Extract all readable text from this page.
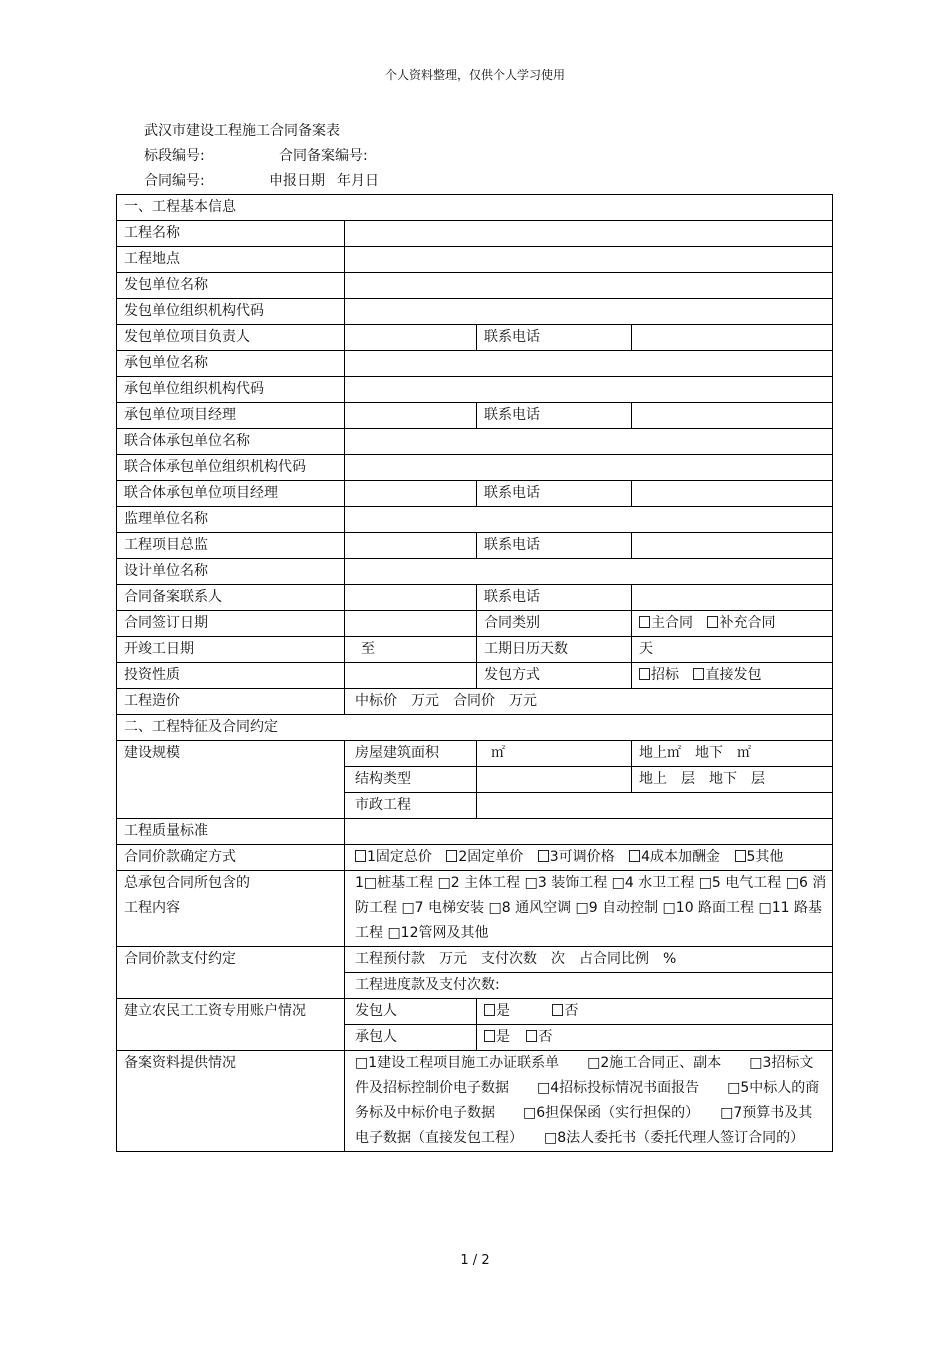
个人资料整理，仅供个人学习使用
武汉市建设工程施工合同备案表
标段编号:	合同备案编号:
合同编号:	申报日期 年月日
一、工程基本信息			
工程名称			
工程地点			
发包单位名称			
发包单位组织机构代码			
发包单位项目负责人		联系电话	
承包单位名称			
承包单位组织机构代码			
承包单位项目经理		联系电话	
联合体承包单位名称			
联合体承包单位组织机构代码			
联合体承包单位项目经理		联系电话	
监理单位名称			
工程项目总监		联系电话	
设计单位名称			
合同备案联系人		联系电话	
合同签订日期		合同类别	主合同 补充合同
开竣工日期	至	工期日历天数	天
投资性质		发包方式	招标 直接发包
工程造价	中标价　万元　合同价　万元		
二、工程特征及合同约定			
建设规模	房屋建筑面积	㎡	地上㎡　地下　㎡
	结构类型		地上　层　地下　层
	市政工程		
工程质量标准			
合同价款确定方式	1固定总价 2固定单价 3可调价格 4成本加酬金 5其他		

总承包合同所包含的
工程内容	1□桩基工程 □2 主体工程 □3 装饰工程 □4 水卫工程 □5 电气工程 □6 消防工程 □7 电梯安装 □8 通风空调 □9 自动控制 □10 路面工程 □11 路基工程 □12管网及其他		
合同价款支付约定	工程预付款　万元　支付次数　次　占合同比例　%		
	工程进度款及支付次数:		
建立农民工工资专用账户情况	发包人	是 否	
	承包人	是 否	
备案资料提供情况	□1建设工程项目施工办证联系单　　□2施工合同正、副本　　□3招标文件及招标控制价电子数据　　□4招标投标情况书面报告　　□5中标人的商务标及中标价电子数据　　□6担保保函（实行担保的）　　□7预算书及其电子数据（直接发包工程）　　□8法人委托书（委托代理人签订合同的）		
1 / 2
